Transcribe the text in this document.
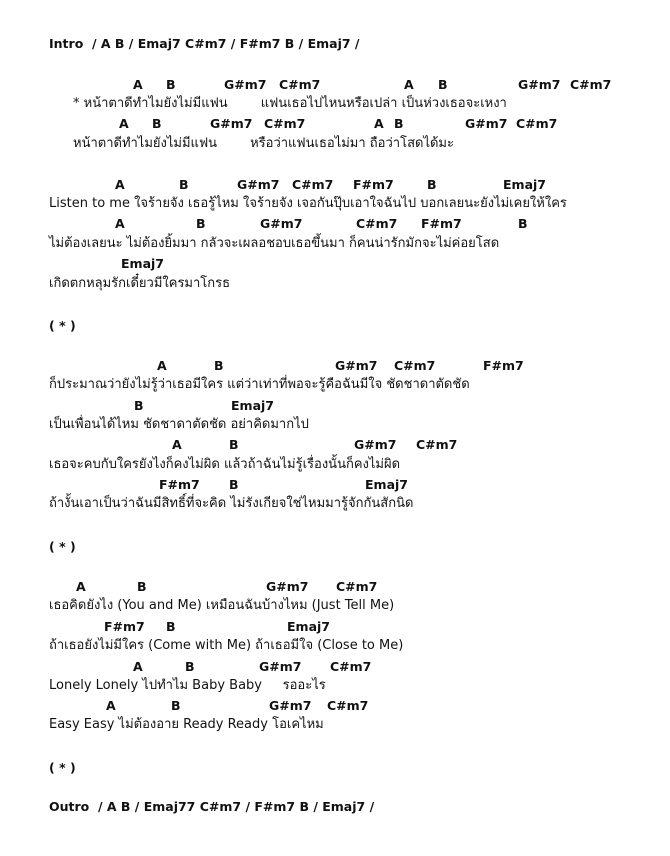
Intro  / A B / Emaj7 C#m7 / F#m7 B / Emaj7 /
A B	G#m7 C#m7	A B	G#m7 C#m7
* หน้าตาดีทำไมยังไม่มีแฟน        แฟนเธอไปไหนหรือเปล่า เป็นห่วงเธอจะเหงา
A B	G#m7 C#m7	A B	G#m7 C#m7
หน้าตาดีทำไมยังไม่มีแฟน        หรือว่าแฟนเธอไม่มา ถือว่าโสดได้มะ
A	B	G#m7 C#m7 F#m7	B	Emaj7
Listen to me ใจร้ายจัง เธอรู้ไหม ใจร้ายจัง เจอกันปุ๊บเอาใจฉันไป บอกเลยนะยังไม่เคยให้ใคร
A	B	G#m7	C#m7 F#m7	B
ไม่ต้องเลยนะ ไม่ต้องยิ้มมา กลัวจะเผลอชอบเธอขึ้นมา ก็คนน่ารักมักจะไม่ค่อยโสด
Emaj7
เกิดตกหลุมรักเดี๋ยวมีใครมาโกรธ
( * )
A	B	G#m7 C#m7	F#m7
ก็ประมาณว่ายังไม่รู้ว่าเธอมีใคร แต่ว่าเท่าที่พอจะรู้คือฉันมีใจ ชัดชาดาตัดชัด
B	Emaj7
เป็นเพื่อนได้ไหม ชัดชาดาตัดชัด อย่าคิดมากไป
A	B	G#m7 C#m7
เธอจะคบกับใครยังไงก็คงไม่ผิด แล้วถ้าฉันไม่รู้เรื่องนั้นก็คงไม่ผิด
F#m7 B	Emaj7
ถ้างั้นเอาเป็นว่าฉันมีสิทธิ์ที่จะคิด ไม่รังเกียจใช่ไหมมารู้จักกันสักนิด
( * )
A	B	G#m7 C#m7
เธอคิดยังไง (You and Me) เหมือนฉันบ้างไหม (Just Tell Me)
F#m7 B	Emaj7
ถ้าเธอยังไม่มีใคร (Come with Me) ถ้าเธอมีใจ (Close to Me)
A	B	G#m7 C#m7
Lonely Lonely ไปทำไม Baby Baby     รออะไร
A	B	G#m7 C#m7
Easy Easy ไม่ต้องอาย Ready Ready โอเคไหม
( * )
Outro  / A B / Emaj77 C#m7 / F#m7 B / Emaj7 /
